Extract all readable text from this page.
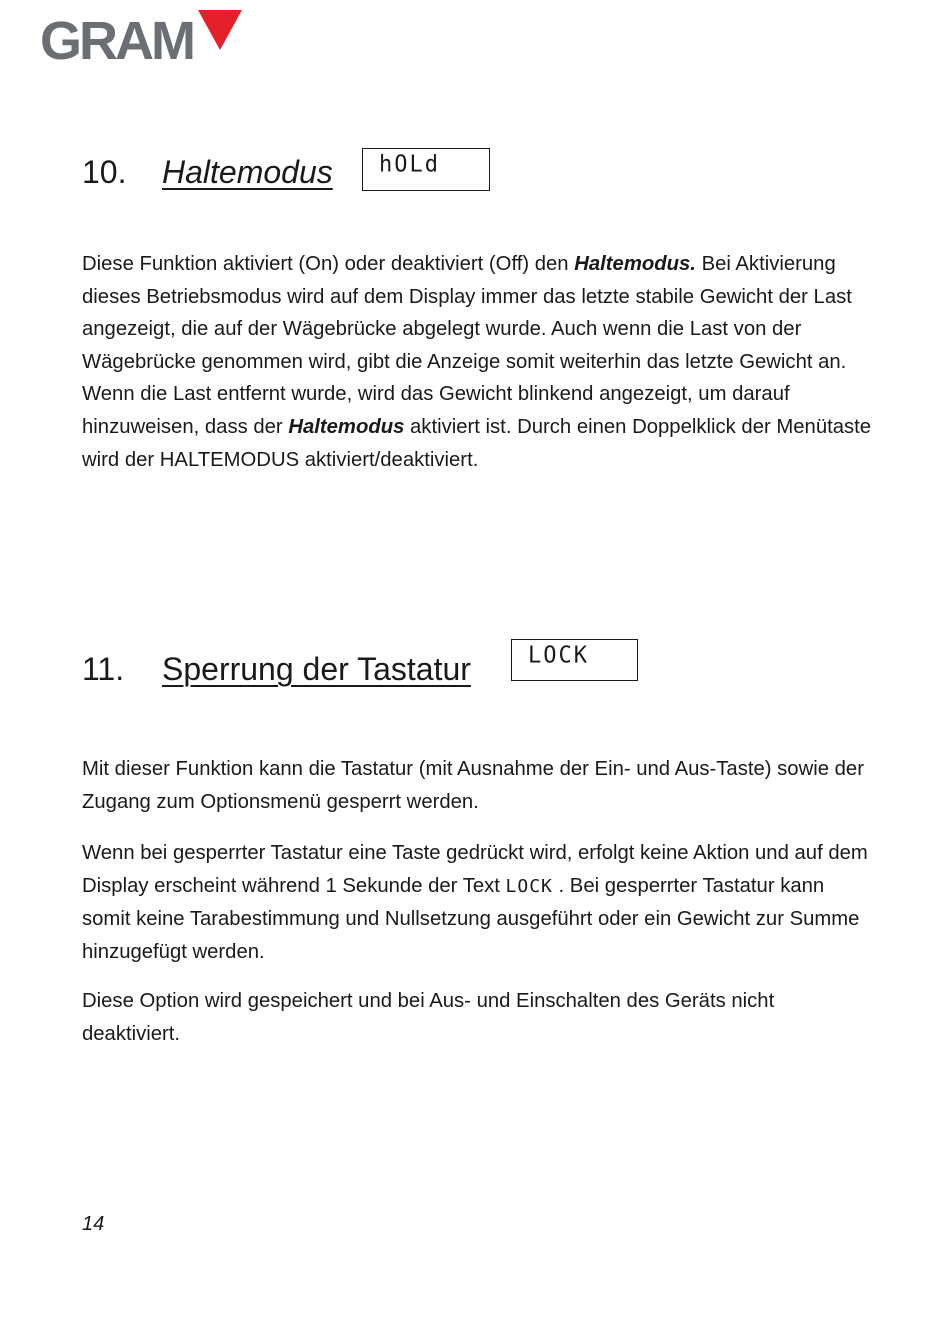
GRAM
10. Haltemodus hOLd

Diese Funktion aktiviert (On) oder deaktiviert (Off) den Haltemodus. Bei Aktivierung dieses Betriebsmodus wird auf dem Display immer das letzte stabile Gewicht der Last angezeigt, die auf der Wägebrücke abgelegt wurde. Auch wenn die Last von der Wägebrücke genommen wird, gibt die Anzeige somit weiterhin das letzte Gewicht an. Wenn die Last entfernt wurde, wird das Gewicht blinkend angezeigt, um darauf hinzuweisen, dass der Haltemodus aktiviert ist. Durch einen Doppelklick der Menütaste wird der HALTEMODUS aktiviert/deaktiviert.

11. Sperrung der Tastatur	LOCK

Mit dieser Funktion kann die Tastatur (mit Ausnahme der Ein- und Aus-Taste) sowie der Zugang zum Optionsmenü gesperrt werden.

Wenn bei gesperrter Tastatur eine Taste gedrückt wird, erfolgt keine Aktion und auf dem Display erscheint während 1 Sekunde der Text LOCK . Bei gesperrter Tastatur kann somit keine Tarabestimmung und Nullsetzung ausgeführt oder ein Gewicht zur Summe hinzugefügt werden.

Diese Option wird gespeichert und bei Aus- und Einschalten des Geräts nicht deaktiviert.

14
